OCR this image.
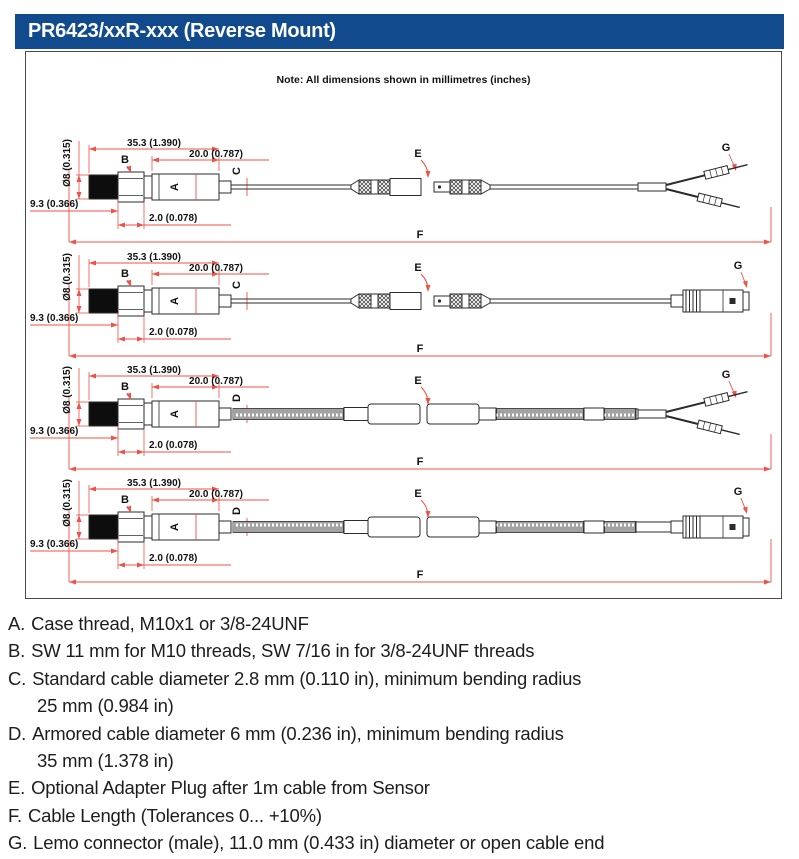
PR6423/xxR-xxx (Reverse Mount)
F
A
B
Ø8 (0.315)	35.3 (1.390)
20.0 (0.787)
9.3 (0.366)
2.0 (0.078)
C
E	G
F
A
B
Ø8 (0.315)	35.3 (1.390)
20.0 (0.787)
9.3 (0.366)
2.0 (0.078)
C
E	G
F
A
B
Ø8 (0.315)	35.3 (1.390)
20.0 (0.787)
9.3 (0.366)
2.0 (0.078)
D
E	G
F
A
B
Ø8 (0.315)	35.3 (1.390)
20.0 (0.787)
9.3 (0.366)
2.0 (0.078)
D
E	G
Note: All dimensions shown in millimetres (inches)
A. Case thread, M10x1 or 3/8-24UNF
B. SW 11 mm for M10 threads, SW 7/16 in for 3/8-24UNF threads
C. Standard cable diameter 2.8 mm (0.110 in), minimum bending radius
25 mm (0.984 in)
D. Armored cable diameter 6 mm (0.236 in), minimum bending radius
35 mm (1.378 in)
E. Optional Adapter Plug after 1m cable from Sensor
F. Cable Length (Tolerances 0... +10%)
G. Lemo connector (male), 11.0 mm (0.433 in) diameter or open cable end
